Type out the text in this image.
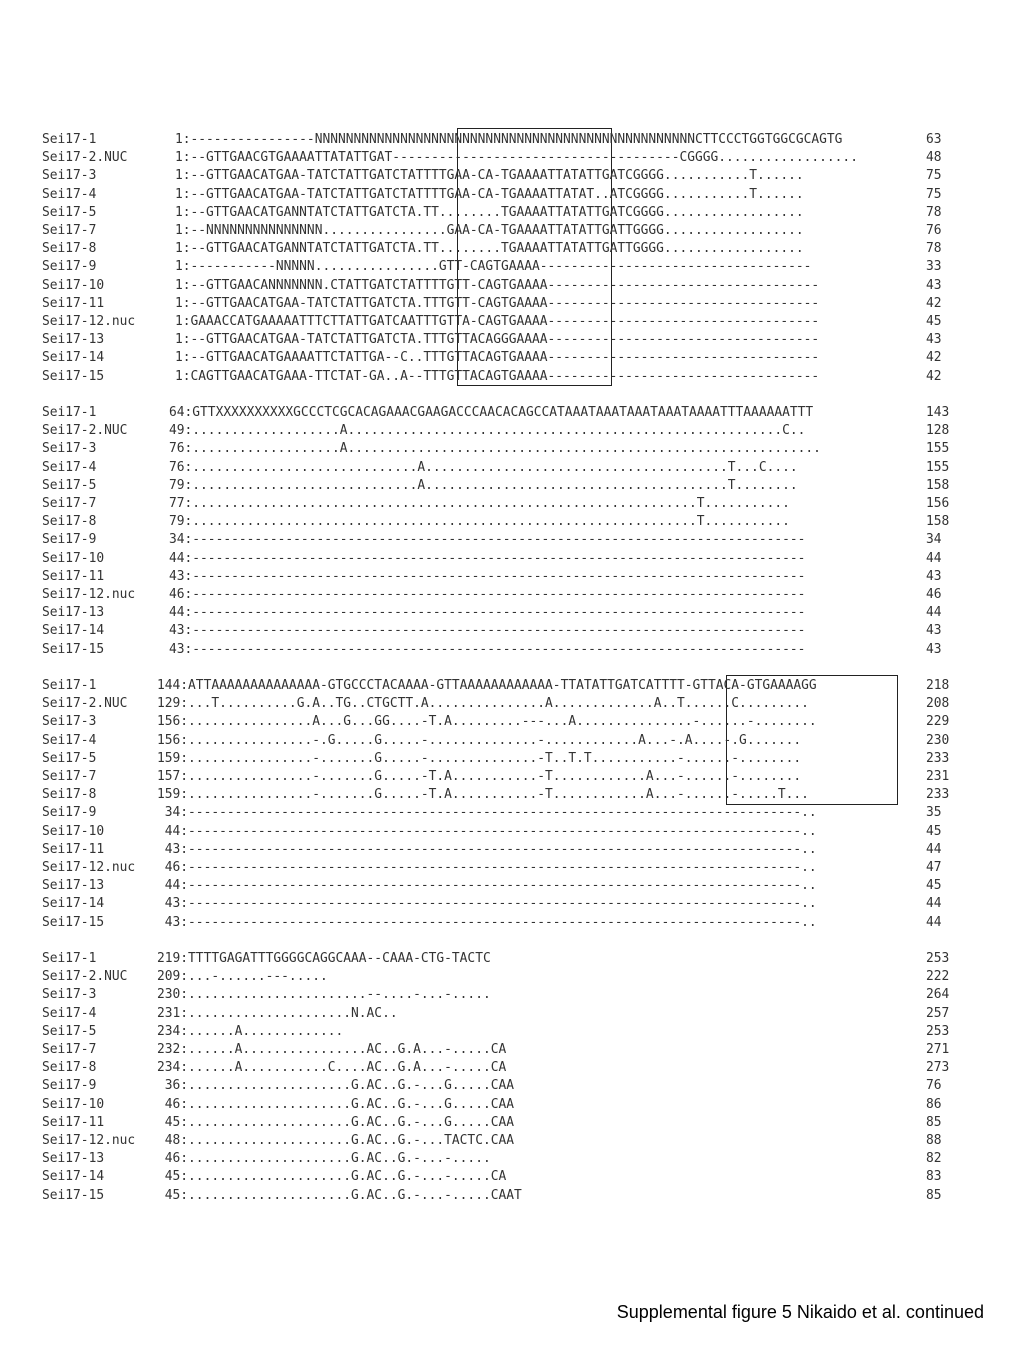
Sei17-1	1:----------------NNNNNNNNNNNNNNNNNNNNNNNNNNNNNNNNNNNNNNNNNNNNNNNNNCTTCCCTGGTGGCGCAGTG	63
Sei17-2.NUC	1:--GTTGAACGTGAAAATTATATTGAT-------------------------------------CGGGG..................	48
Sei17-3	1:--GTTGAACATGAA-TATCTATTGATCTATTTTGAA-CA-TGAAAATTATATTGATCGGGG...........T......	75
Sei17-4	1:--GTTGAACATGAA-TATCTATTGATCTATTTTGAA-CA-TGAAAATTATAT..ATCGGGG...........T......	75
Sei17-5	1:--GTTGAACATGANNTATCTATTGATCTA.TT........TGAAAATTATATTGATCGGGG..................	78
Sei17-7	1:--NNNNNNNNNNNNNNN................GAA-CA-TGAAAATTATATTGATTGGGG..................	76
Sei17-8	1:--GTTGAACATGANNTATCTATTGATCTA.TT........TGAAAATTATATTGATTGGGG..................	78
Sei17-9	1:-----------NNNNN................GTT-CAGTGAAAA-----------------------------------	33
Sei17-10	1:--GTTGAACANNNNNNN.CTATTGATCTATTTTGTT-CAGTGAAAA-----------------------------------	43
Sei17-11	1:--GTTGAACATGAA-TATCTATTGATCTA.TTTGTT-CAGTGAAAA-----------------------------------	42
Sei17-12.nuc	1:GAAACCATGAAAAATTTCTTATTGATCAATTTGTTA-CAGTGAAAA-----------------------------------	45
Sei17-13	1:--GTTGAACATGAA-TATCTATTGATCTA.TTTGTTACAGGGAAAA-----------------------------------	43
Sei17-14	1:--GTTGAACATGAAAATTCTATTGA--C..TTTGTTACAGTGAAAA-----------------------------------	42
Sei17-15	1:CAGTTGAACATGAAA-TTCTAT-GA..A--TTTGTTACAGTGAAAA-----------------------------------	42
Sei17-1	64:GTTXXXXXXXXXXGCCCTCGCACAGAAACGAAGACCCAACACAGCCATAAATAAATAAATAAATAAAATTTAAAAAATTT	143
Sei17-2.NUC	49:...................A........................................................C..	128
Sei17-3	76:...................A.............................................................	155
Sei17-4	76:.............................A.......................................T...C....	155
Sei17-5	79:.............................A.......................................T........	158
Sei17-7	77:.................................................................T...........	156
Sei17-8	79:.................................................................T...........	158
Sei17-9	34:-------------------------------------------------------------------------------	34
Sei17-10	44:-------------------------------------------------------------------------------	44
Sei17-11	43:-------------------------------------------------------------------------------	43
Sei17-12.nuc	46:-------------------------------------------------------------------------------	46
Sei17-13	44:-------------------------------------------------------------------------------	44
Sei17-14	43:-------------------------------------------------------------------------------	43
Sei17-15	43:-------------------------------------------------------------------------------	43
Sei17-1	144:ATTAAAAAAAAAAAAAA-GTGCCCTACAAAA-GTTAAAAAAAAAAAA-TTATATTGATCATTTT-GTTACA-GTGAAAAGG	218
Sei17-2.NUC 129:...T..........G.A..TG..CTGCTT.A...............A.............A..T......C.........	208
Sei17-3	156:................A...G...GG....-T.A.........---...A...............-......-........	229
Sei17-4	156:................-.G.....G.....-..............-............A...-.A....-.G.......	230
Sei17-5	159:................-.......G.....-..............-T..T.T...........-......-........	233
Sei17-7	157:................-.......G.....-T.A...........-T............A...-......-........	231
Sei17-8	159:................-.......G.....-T.A...........-T............A...-......-.....T...	233
Sei17-9	34:-------------------------------------------------------------------------------..	35
Sei17-10	44:-------------------------------------------------------------------------------..	45
Sei17-11	43:-------------------------------------------------------------------------------..	44
Sei17-12.nuc 46:-------------------------------------------------------------------------------..	47
Sei17-13	44:-------------------------------------------------------------------------------..	45
Sei17-14	43:-------------------------------------------------------------------------------..	44
Sei17-15	43:-------------------------------------------------------------------------------..	44
Sei17-1	219:TTTTGAGATTTGGGGCAGGCAAA--CAAA-CTG-TACTC	253
Sei17-2.NUC 209:...-......---.....	222
Sei17-3	230:.......................--....-...-.....	264
Sei17-4	231:.....................N.AC..	257
Sei17-5	234:......A.............	253
Sei17-7	232:......A................AC..G.A...-.....CA	271
Sei17-8	234:......A...........C....AC..G.A...-.....CA	273
Sei17-9	36:.....................G.AC..G.-...G.....CAA	76
Sei17-10	46:.....................G.AC..G.-...G.....CAA	86
Sei17-11	45:.....................G.AC..G.-...G.....CAA	85
Sei17-12.nuc 48:.....................G.AC..G.-...TACTC.CAA	88
Sei17-13	46:.....................G.AC..G.-...-.....	82
Sei17-14	45:.....................G.AC..G.-...-.....CA	83
Sei17-15	45:.....................G.AC..G.-...-.....CAAT	85
Supplemental figure 5 Nikaido et al. continued
